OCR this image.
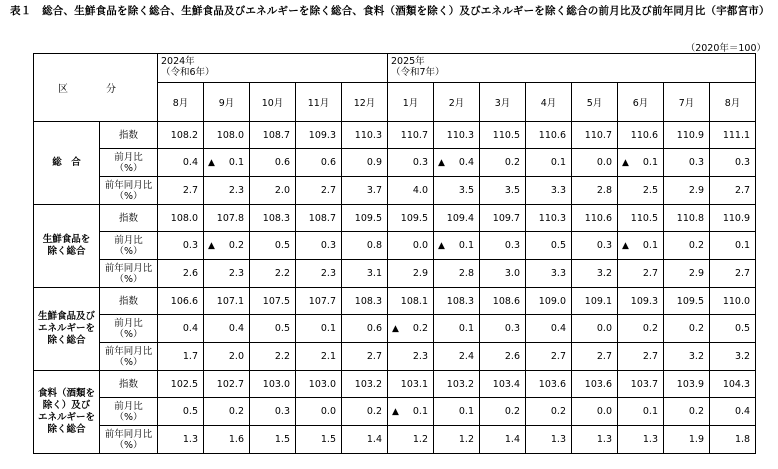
表１　総合、生鮮食品を除く総合、生鮮食品及びエネルギーを除く総合、食料（酒類を除く）及びエネルギーを除く総合の前月比及び前年同月比（宇都宮市）
（2020年＝100）
区　分		2024年
（令和6年）					2025年
（令和7年）							
		8月	9月	10月	11月	12月	1月	2月	3月	4月	5月	6月	7月	8月
総　合	指数	108.2	108.0	108.7	109.3	110.3	110.7	110.3	110.5	110.6	110.7	110.6	110.9	111.1
	前月比
（%）	0.4	▲ 0.1	0.6	0.6	0.9	0.3	▲ 0.4	0.2	0.1	0.0	▲ 0.1	0.3	0.3
	前年同月比
（%）	2.7	2.3	2.0	2.7	3.7	4.0	3.5	3.5	3.3	2.8	2.5	2.9	2.7
生鮮食品を
除く総合	指数	108.0	107.8	108.3	108.7	109.5	109.5	109.4	109.7	110.3	110.6	110.5	110.8	110.9
	前月比
（%）	0.3	▲ 0.2	0.5	0.3	0.8	0.0	▲ 0.1	0.3	0.5	0.3	▲ 0.1	0.2	0.1
	前年同月比
（%）	2.6	2.3	2.2	2.3	3.1	2.9	2.8	3.0	3.3	3.2	2.7	2.9	2.7
生鮮食品及び
エネルギーを
除く総合	指数	106.6	107.1	107.5	107.7	108.3	108.1	108.3	108.6	109.0	109.1	109.3	109.5	110.0
	前月比
（%）	0.4	0.4	0.5	0.1	0.6	▲ 0.2	0.1	0.3	0.4	0.0	0.2	0.2	0.5
	前年同月比
（%）	1.7	2.0	2.2	2.1	2.7	2.3	2.4	2.6	2.7	2.7	2.7	3.2	3.2
食料（酒類を
除く）及び
エネルギーを
除く総合	指数	102.5	102.7	103.0	103.0	103.2	103.1	103.2	103.4	103.6	103.6	103.7	103.9	104.3
	前月比
（%）	0.5	0.2	0.3	0.0	0.2	▲ 0.1	0.1	0.2	0.2	0.0	0.1	0.2	0.4
	前年同月比
（%）	1.3	1.6	1.5	1.5	1.4	1.2	1.2	1.4	1.3	1.3	1.3	1.9	1.8
